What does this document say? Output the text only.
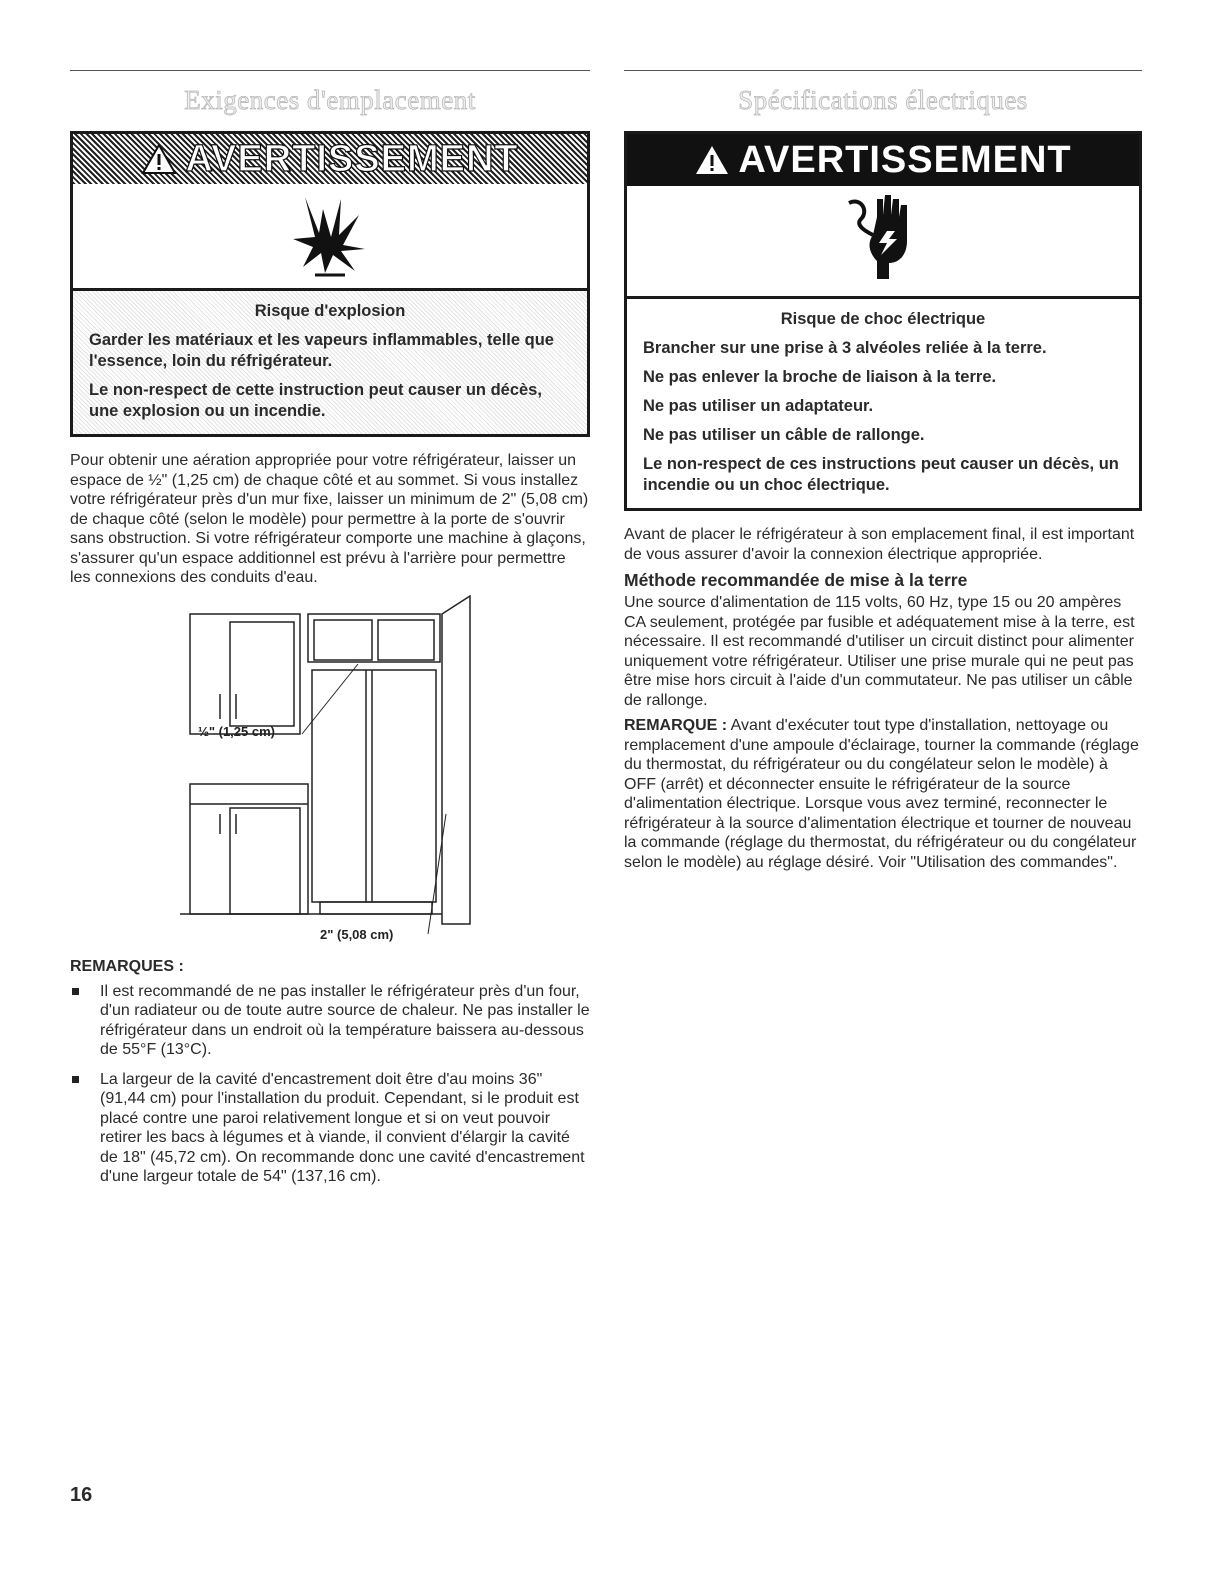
Exigences d'emplacement
AVERTISSEMENT
Risque d'explosion

Garder les matériaux et les vapeurs inflammables, telle que l'essence, loin du réfrigérateur.

Le non-respect de cette instruction peut causer un décès, une explosion ou un incendie.

Pour obtenir une aération appropriée pour votre réfrigérateur, laisser un espace de ½" (1,25 cm) de chaque côté et au sommet. Si vous installez votre réfrigérateur près d'un mur fixe, laisser un minimum de 2" (5,08 cm) de chaque côté (selon le modèle) pour permettre à la porte de s'ouvrir sans obstruction. Si votre réfrigérateur comporte une machine à glaçons, s'assurer qu'un espace additionnel est prévu à l'arrière pour permettre les connexions des conduits d'eau.

½" (1,25 cm)
2" (5,08 cm)
REMARQUES :
Il est recommandé de ne pas installer le réfrigérateur près d'un four, d'un radiateur ou de toute autre source de chaleur. Ne pas installer le réfrigérateur dans un endroit où la température baissera au-dessous de 55°F (13°C).
La largeur de la cavité d'encastrement doit être d'au moins 36" (91,44 cm) pour l'installation du produit. Cependant, si le produit est placé contre une paroi relativement longue et si on veut pouvoir retirer les bacs à légumes et à viande, il convient d'élargir la cavité de 18" (45,72 cm). On recommande donc une cavité d'encastrement d'une largeur totale de 54" (137,16 cm).
Spécifications électriques
AVERTISSEMENT
Risque de choc électrique

Brancher sur une prise à 3 alvéoles reliée à la terre.

Ne pas enlever la broche de liaison à la terre.

Ne pas utiliser un adaptateur.

Ne pas utiliser un câble de rallonge.

Le non-respect de ces instructions peut causer un décès, un incendie ou un choc électrique.

Avant de placer le réfrigérateur à son emplacement final, il est important de vous assurer d'avoir la connexion électrique appropriée.

Méthode recommandée de mise à la terre

Une source d'alimentation de 115 volts, 60 Hz, type 15 ou 20 ampères CA seulement, protégée par fusible et adéquatement mise à la terre, est nécessaire. Il est recommandé d'utiliser un circuit distinct pour alimenter uniquement votre réfrigérateur. Utiliser une prise murale qui ne peut pas être mise hors circuit à l'aide d'un commutateur. Ne pas utiliser un câble de rallonge.

REMARQUE : Avant d'exécuter tout type d'installation, nettoyage ou remplacement d'une ampoule d'éclairage, tourner la commande (réglage du thermostat, du réfrigérateur ou du congélateur selon le modèle) à OFF (arrêt) et déconnecter ensuite le réfrigérateur de la source d'alimentation électrique. Lorsque vous avez terminé, reconnecter le réfrigérateur à la source d'alimentation électrique et tourner de nouveau la commande (réglage du thermostat, du réfrigérateur ou du congélateur selon le modèle) au réglage désiré. Voir "Utilisation des commandes".

16
